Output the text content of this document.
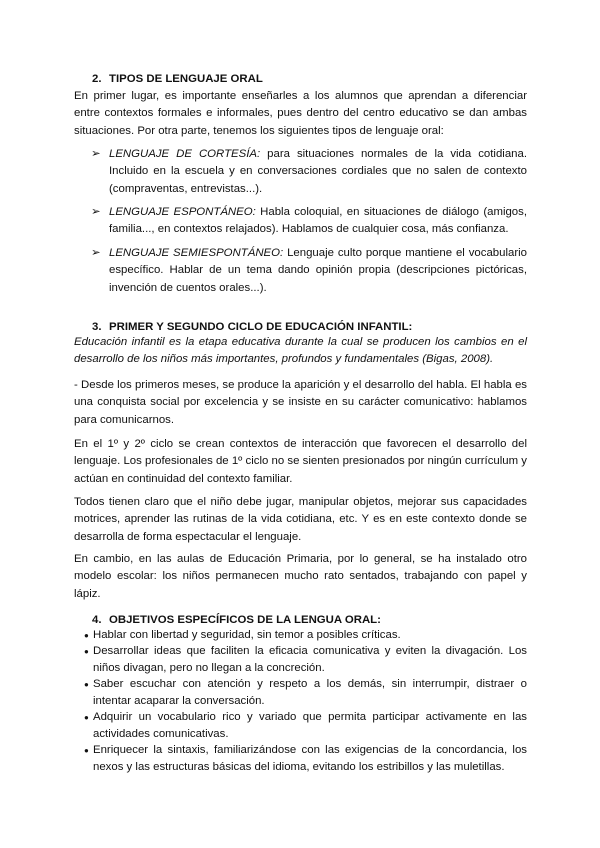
2. TIPOS DE LENGUAJE ORAL
En primer lugar, es importante enseñarles a los alumnos que aprendan a diferenciar entre contextos formales e informales, pues dentro del centro educativo se dan ambas situaciones. Por otra parte, tenemos los siguientes tipos de lenguaje oral:
➢ LENGUAJE DE CORTESÍA: para situaciones normales de la vida cotidiana. Incluido en la escuela y en conversaciones cordiales que no salen de contexto (compraventas, entrevistas...).
➢ LENGUAJE ESPONTÁNEO: Habla coloquial, en situaciones de diálogo (amigos, familia..., en contextos relajados). Hablamos de cualquier cosa, más confianza.
➢ LENGUAJE SEMIESPONTÁNEO: Lenguaje culto porque mantiene el vocabulario específico. Hablar de un tema dando opinión propia (descripciones pictóricas, invención de cuentos orales...).
3. PRIMER Y SEGUNDO CICLO DE EDUCACIÓN INFANTIL:
Educación infantil es la etapa educativa durante la cual se producen los cambios en el desarrollo de los niños más importantes, profundos y fundamentales (Bigas, 2008).
- Desde los primeros meses, se produce la aparición y el desarrollo del habla. El habla es una conquista social por excelencia y se insiste en su carácter comunicativo: hablamos para comunicarnos.
En el 1º y 2º ciclo se crean contextos de interacción que favorecen el desarrollo del lenguaje. Los profesionales de 1º ciclo no se sienten presionados por ningún currículum y actúan en continuidad del contexto familiar.
Todos tienen claro que el niño debe jugar, manipular objetos, mejorar sus capacidades motrices, aprender las rutinas de la vida cotidiana, etc. Y es en este contexto donde se desarrolla de forma espectacular el lenguaje.
En cambio, en las aulas de Educación Primaria, por lo general, se ha instalado otro modelo escolar: los niños permanecen mucho rato sentados, trabajando con papel y lápiz.
4. OBJETIVOS ESPECÍFICOS DE LA LENGUA ORAL:
● Hablar con libertad y seguridad, sin temor a posibles críticas.
● Desarrollar ideas que faciliten la eficacia comunicativa y eviten la divagación. Los niños divagan, pero no llegan a la concreción.
● Saber escuchar con atención y respeto a los demás, sin interrumpir, distraer o intentar acaparar la conversación.
● Adquirir un vocabulario rico y variado que permita participar activamente en las actividades comunicativas.
● Enriquecer la sintaxis, familiarizándose con las exigencias de la concordancia, los nexos y las estructuras básicas del idioma, evitando los estribillos y las muletillas.
